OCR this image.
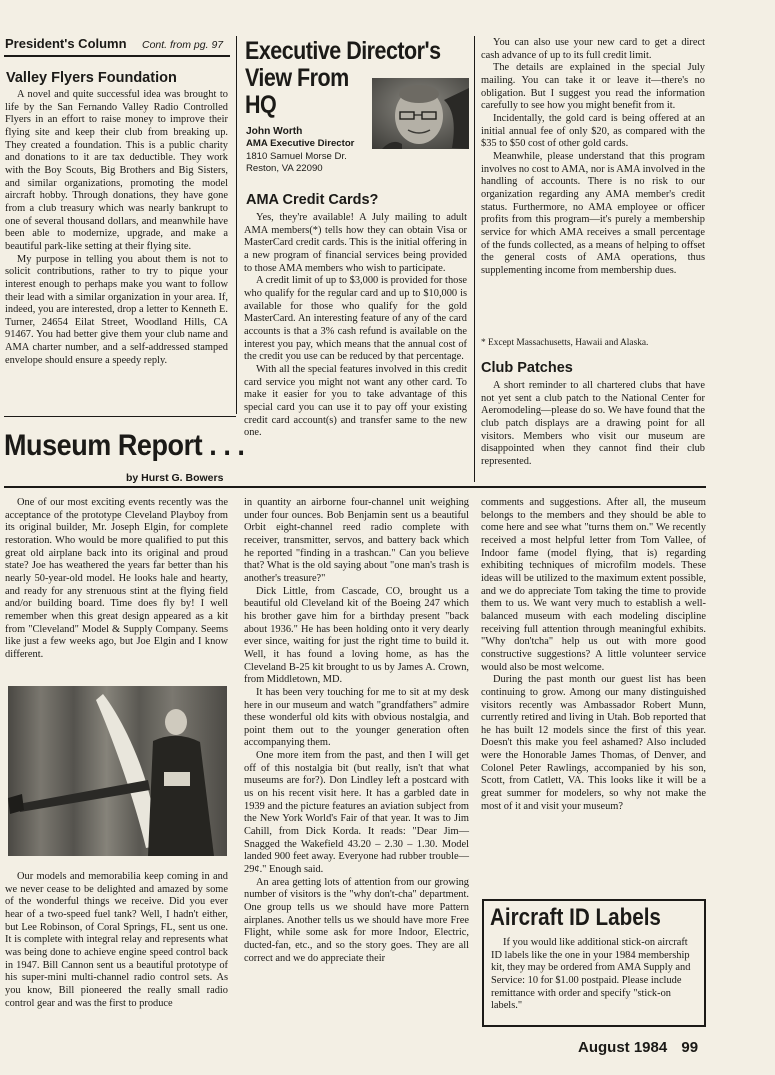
President's Column Cont. from pg. 97
Valley Flyers Foundation

A novel and quite successful idea was brought to life by the San Fernando Valley Radio Controlled Flyers in an effort to raise money to improve their flying site and keep their club from breaking up. They created a foundation. This is a public charity and donations to it are tax deductible. They work with the Boy Scouts, Big Brothers and Big Sisters, and similar organizations, promoting the model aircraft hobby. Through donations, they have gone from a club treasury which was nearly bankrupt to one of several thousand dollars, and meanwhile have been able to modernize, upgrade, and make a beautiful park-like setting at their flying site.

My purpose in telling you about them is not to solicit contributions, rather to try to pique your interest enough to perhaps make you want to follow their lead with a similar organization in your area. If, indeed, you are interested, drop a letter to Kenneth E. Turner, 24654 Eilat Street, Woodland Hills, CA 91467. You had better give them your club name and AMA charter number, and a self-addressed stamped envelope should ensure a speedy reply.

Executive Director's
View From
HQ
John Worth
AMA Executive Director
1810 Samuel Morse Dr.
Reston, VA 22090
AMA Credit Cards?

Yes, they're available! A July mailing to adult AMA members(*) tells how they can obtain Visa or MasterCard credit cards. This is the initial offering in a new program of financial services being provided to those AMA members who wish to participate.

A credit limit of up to $3,000 is provided for those who qualify for the regular card and up to $10,000 is available for those who qualify for the gold MasterCard. An interesting feature of any of the card accounts is that a 3% cash refund is available on the interest you pay, which means that the annual cost of the credit you use can be reduced by that percentage.

With all the special features involved in this credit card service you might not want any other card. To make it easier for you to take advantage of this special card you can use it to pay off your existing credit card account(s) and transfer same to the new one.

You can also use your new card to get a direct cash advance of up to its full credit limit.

The details are explained in the special July mailing. You can take it or leave it—there's no obligation. But I suggest you read the information carefully to see how you might benefit from it.

Incidentally, the gold card is being offered at an initial annual fee of only $20, as compared with the $35 to $50 cost of other gold cards.

Meanwhile, please understand that this program involves no cost to AMA, nor is AMA involved in the handling of accounts. There is no risk to our organization regarding any AMA member's credit status. Furthermore, no AMA employee or officer profits from this program—it's purely a membership service for which AMA receives a small percentage of the funds collected, as a means of helping to offset the general costs of AMA operations, thus supplementing income from membership dues.

* Except Massachusetts, Hawaii and Alaska.
Club Patches

A short reminder to all chartered clubs that have not yet sent a club patch to the National Center for Aeromodeling—please do so. We have found that the club patch displays are a drawing point for all visitors. Members who visit our museum are disappointed when they cannot find their club represented.

Museum Report . . .
by Hurst G. Bowers

One of our most exciting events recently was the acceptance of the prototype Cleveland Playboy from its original builder, Mr. Joseph Elgin, for complete restoration. Who would be more qualified to put this great old airplane back into its original and proud state? Joe has weathered the years far better than his nearly 50-year-old model. He looks hale and hearty, and ready for any strenuous stint at the flying field and/or building board. Time does fly by! I well remember when this great design appeared as a kit from "Cleveland" Model & Supply Company. Seems like just a few weeks ago, but Joe Elgin and I know different.

Our models and memorabilia keep coming in and we never cease to be delighted and amazed by some of the wonderful things we receive. Did you ever hear of a two-speed fuel tank? Well, I hadn't either, but Lee Robinson, of Coral Springs, FL, sent us one. It is complete with integral relay and represents what was being done to achieve engine speed control back in 1947. Bill Cannon sent us a beautiful prototype of his super-mini multi-channel radio control sets. As you know, Bill pioneered the really small radio control gear and was the first to produce

in quantity an airborne four-channel unit weighing under four ounces. Bob Benjamin sent us a beautiful Orbit eight-channel reed radio complete with receiver, transmitter, servos, and battery back which he reported "finding in a trashcan." Can you believe that? What is the old saying about "one man's trash is another's treasure?"

Dick Little, from Cascade, CO, brought us a beautiful old Cleveland kit of the Boeing 247 which his brother gave him for a birthday present "back about 1936." He has been holding onto it very dearly ever since, waiting for just the right time to build it. Well, it has found a loving home, as has the Cleveland B-25 kit brought to us by James A. Crown, from Middletown, MD.

It has been very touching for me to sit at my desk here in our museum and watch "grandfathers" admire these wonderful old kits with obvious nostalgia, and point them out to the younger generation often accompanying them.

One more item from the past, and then I will get off of this nostalgia bit (but really, isn't that what museums are for?). Don Lindley left a postcard with us on his recent visit here. It has a garbled date in 1939 and the picture features an aviation subject from the New York World's Fair of that year. It was to Jim Cahill, from Dick Korda. It reads: "Dear Jim—Snagged the Wakefield 43.20 – 2.30 – 1.30. Model landed 900 feet away. Everyone had rubber trouble—29¢." Enough said.

An area getting lots of attention from our growing number of visitors is the "why don't-cha" department. One group tells us we should have more Pattern airplanes. Another tells us we should have more Free Flight, while some ask for more Indoor, Electric, ducted-fan, etc., and so the story goes. They are all correct and we do appreciate their

comments and suggestions. After all, the museum belongs to the members and they should be able to come here and see what "turns them on." We recently received a most helpful letter from Tom Vallee, of Indoor fame (model flying, that is) regarding exhibiting techniques of microfilm models. These ideas will be utilized to the maximum extent possible, and we do appreciate Tom taking the time to provide them to us. We want very much to establish a well-balanced museum with each modeling discipline receiving full attention through meaningful exhibits. "Why don'tcha" help us out with more good constructive suggestions? A little volunteer service would also be most welcome.

During the past month our guest list has been continuing to grow. Among our many distinguished visitors recently was Ambassador Robert Munn, currently retired and living in Utah. Bob reported that he has built 12 models since the first of this year. Doesn't this make you feel ashamed? Also included were the Honorable James Thomas, of Denver, and Colonel Peter Rawlings, accompanied by his son, Scott, from Catlett, VA. This looks like it will be a great summer for modelers, so why not make the most of it and visit your museum?

Aircraft ID Labels

If you would like additional stick-on aircraft ID labels like the one in your 1984 membership kit, they may be ordered from AMA Supply and Service: 10 for $1.00 postpaid. Please include remittance with order and specify "stick-on labels."

August 1984 99
